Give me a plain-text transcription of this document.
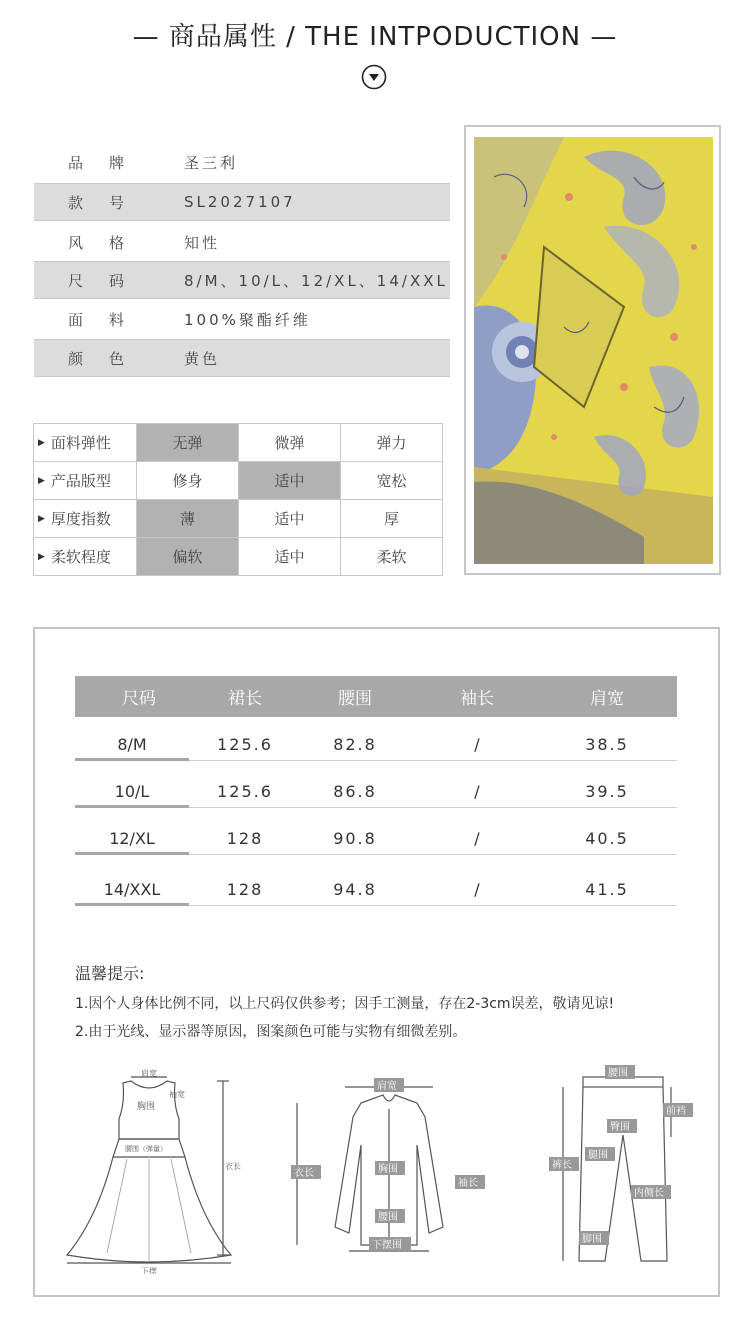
— 商品属性 / THE INTPODUCTION —
品牌	圣三利
款号	SL2027107
风格	知性
尺码	8/M、10/L、12/XL、14/XXL
面料	100%聚酯纤维
颜色	黄色
▶ 面料弹性	无弹	微弹	弹力
▶ 产品版型	修身	适中	宽松
▶ 厚度指数	薄	适中	厚
▶ 柔软程度	偏软	适中	柔软
尺码	裙长	腰围	袖长	肩宽
8/M	125.6	82.8	/	38.5
10/L	125.6	86.8	/	39.5
12/XL	128	90.8	/	40.5
14/XXL	128	94.8	/	41.5
温馨提示:
1.因个人身体比例不同，以上尺码仅供参考；因手工测量，存在2-3cm误差，敬请见谅!
2.由于光线、显示器等原因，图案颜色可能与实物有细微差别。
肩宽
胸围
袖宽
腰围（弹量）
衣长
下摆
肩宽
衣长	胸围
袖长
腰围
下摆围
腰围
前裆
臀围
裤长
腿围
内侧长
脚围
